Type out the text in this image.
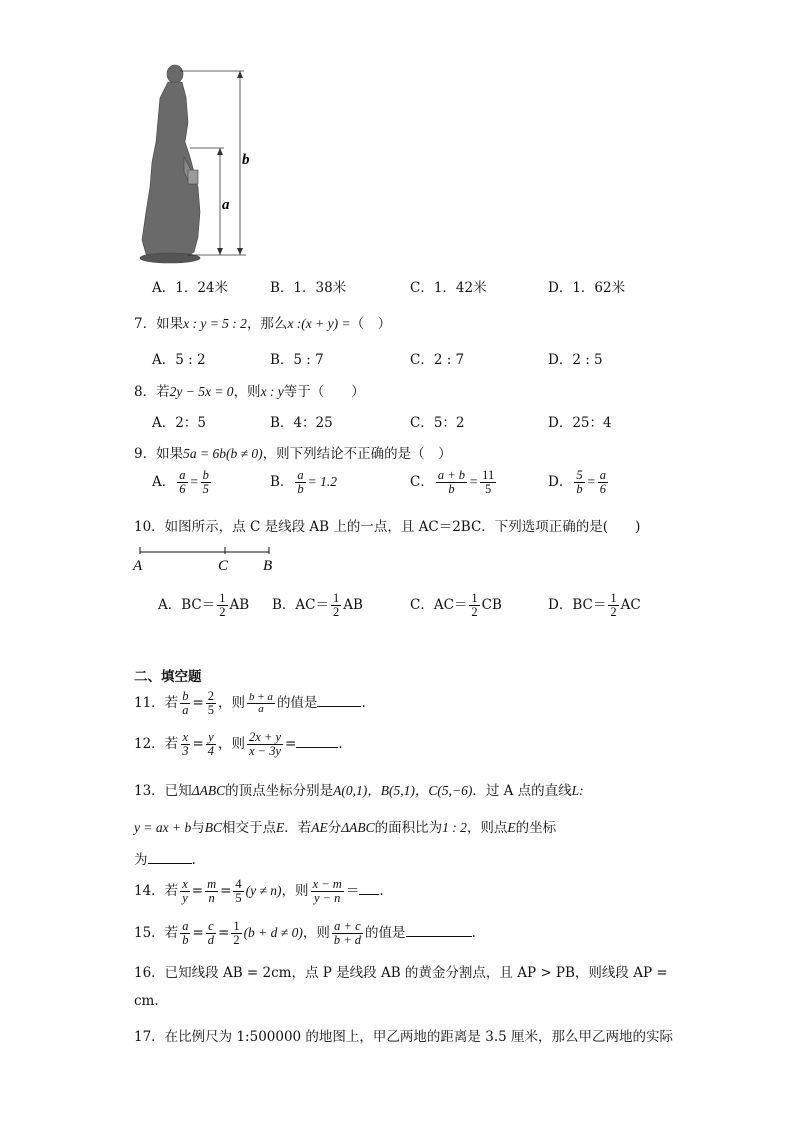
b
a
A．1．24米	B．1．38米	C．1．42米	D．1．62米
7．如果x : y = 5 : 2，那么x :(x + y) =（　）
A．5 : 2	B．5 : 7	C．2 : 7	D．2 : 5
8．若2y − 5x = 0，则x : y等于（　　）
A．2：5	B．4：25	C．5：2	D．25：4
9．如果5a = 6b(b ≠ 0)，则下列结论不正确的是（　）
A． $\frac{a}{6} = \frac{b}{5}$	B． $\frac{a}{b} = 1.2$	C． $\frac{a + b}{b} = \frac{11}{5}$	D． $\frac{5}{b} = \frac{a}{6}$
10．如图所示，点 C 是线段 AB 上的一点，且 AC＝2BC．下列选项正确的是(　　)
A	C B
A．$BC= \frac{1}{2}$ AB B．$AC= \frac{1}{2}$ AB	C．$AC= \frac{1}{2}$ CB	D．$BC= \frac{1}{2}$ AC
二、填空题
11．若 $\frac{b}{a} = \frac{2}{5}$ ，则 $\frac{b + a}{a}$ 的值是	.
12．若 $\frac{x}{3} = \frac{y}{4}$ ，则 $\frac{2x + y}{x - 3y}$ =	.
13．已知ΔABC的顶点坐标分别是A(0,1)，B(5,1)，C(5,−6)．过 A 点的直线L:
y = ax + b与BC相交于点E．若AE分ΔABC的面积比为1 : 2，则点E的坐标
为	.
14．若 $\frac{x}{y} = \frac{m}{n} = \frac{4}{5} (y \ne n)$，则 $\frac{x - m}{y - n}$ ＝ .
15．若 $\frac{a}{b} = \frac{c}{d} = \frac{1}{2} (b + d \ne 0)$，则 $\frac{a + c}{b + d}$ 的值是	.
16．已知线段 AB = 2cm，点 P 是线段 AB 的黄金分割点，且 AP > PB，则线段 AP =
cm.
17．在比例尺为 1:500000 的地图上，甲乙两地的距离是 3.5 厘米，那么甲乙两地的实际
